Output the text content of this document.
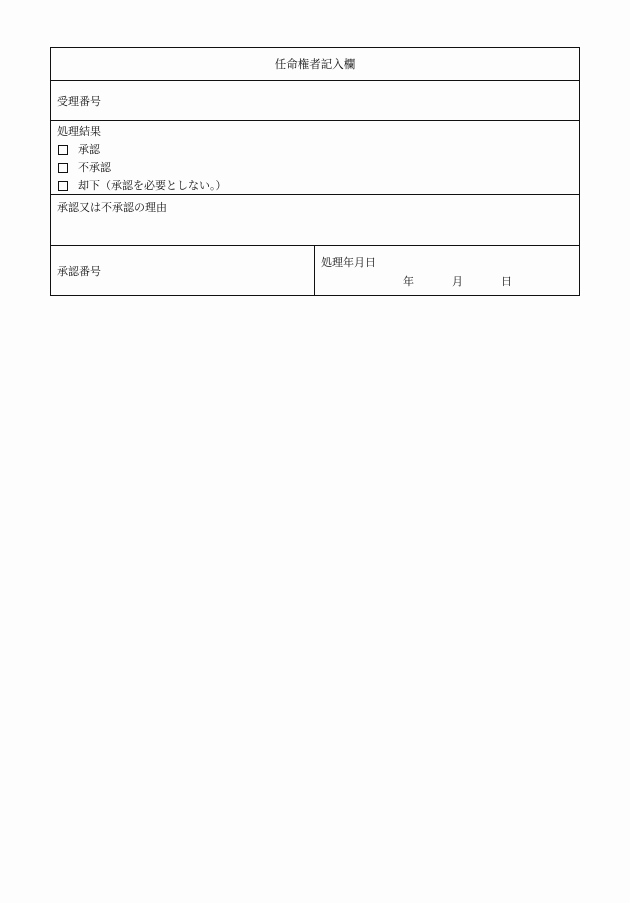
任命権者記入欄
受理番号
処理結果
承認
不承認
却下（承認を必要としない。）
承認又は不承認の理由
承認番号
処理年月日
年	月	日
